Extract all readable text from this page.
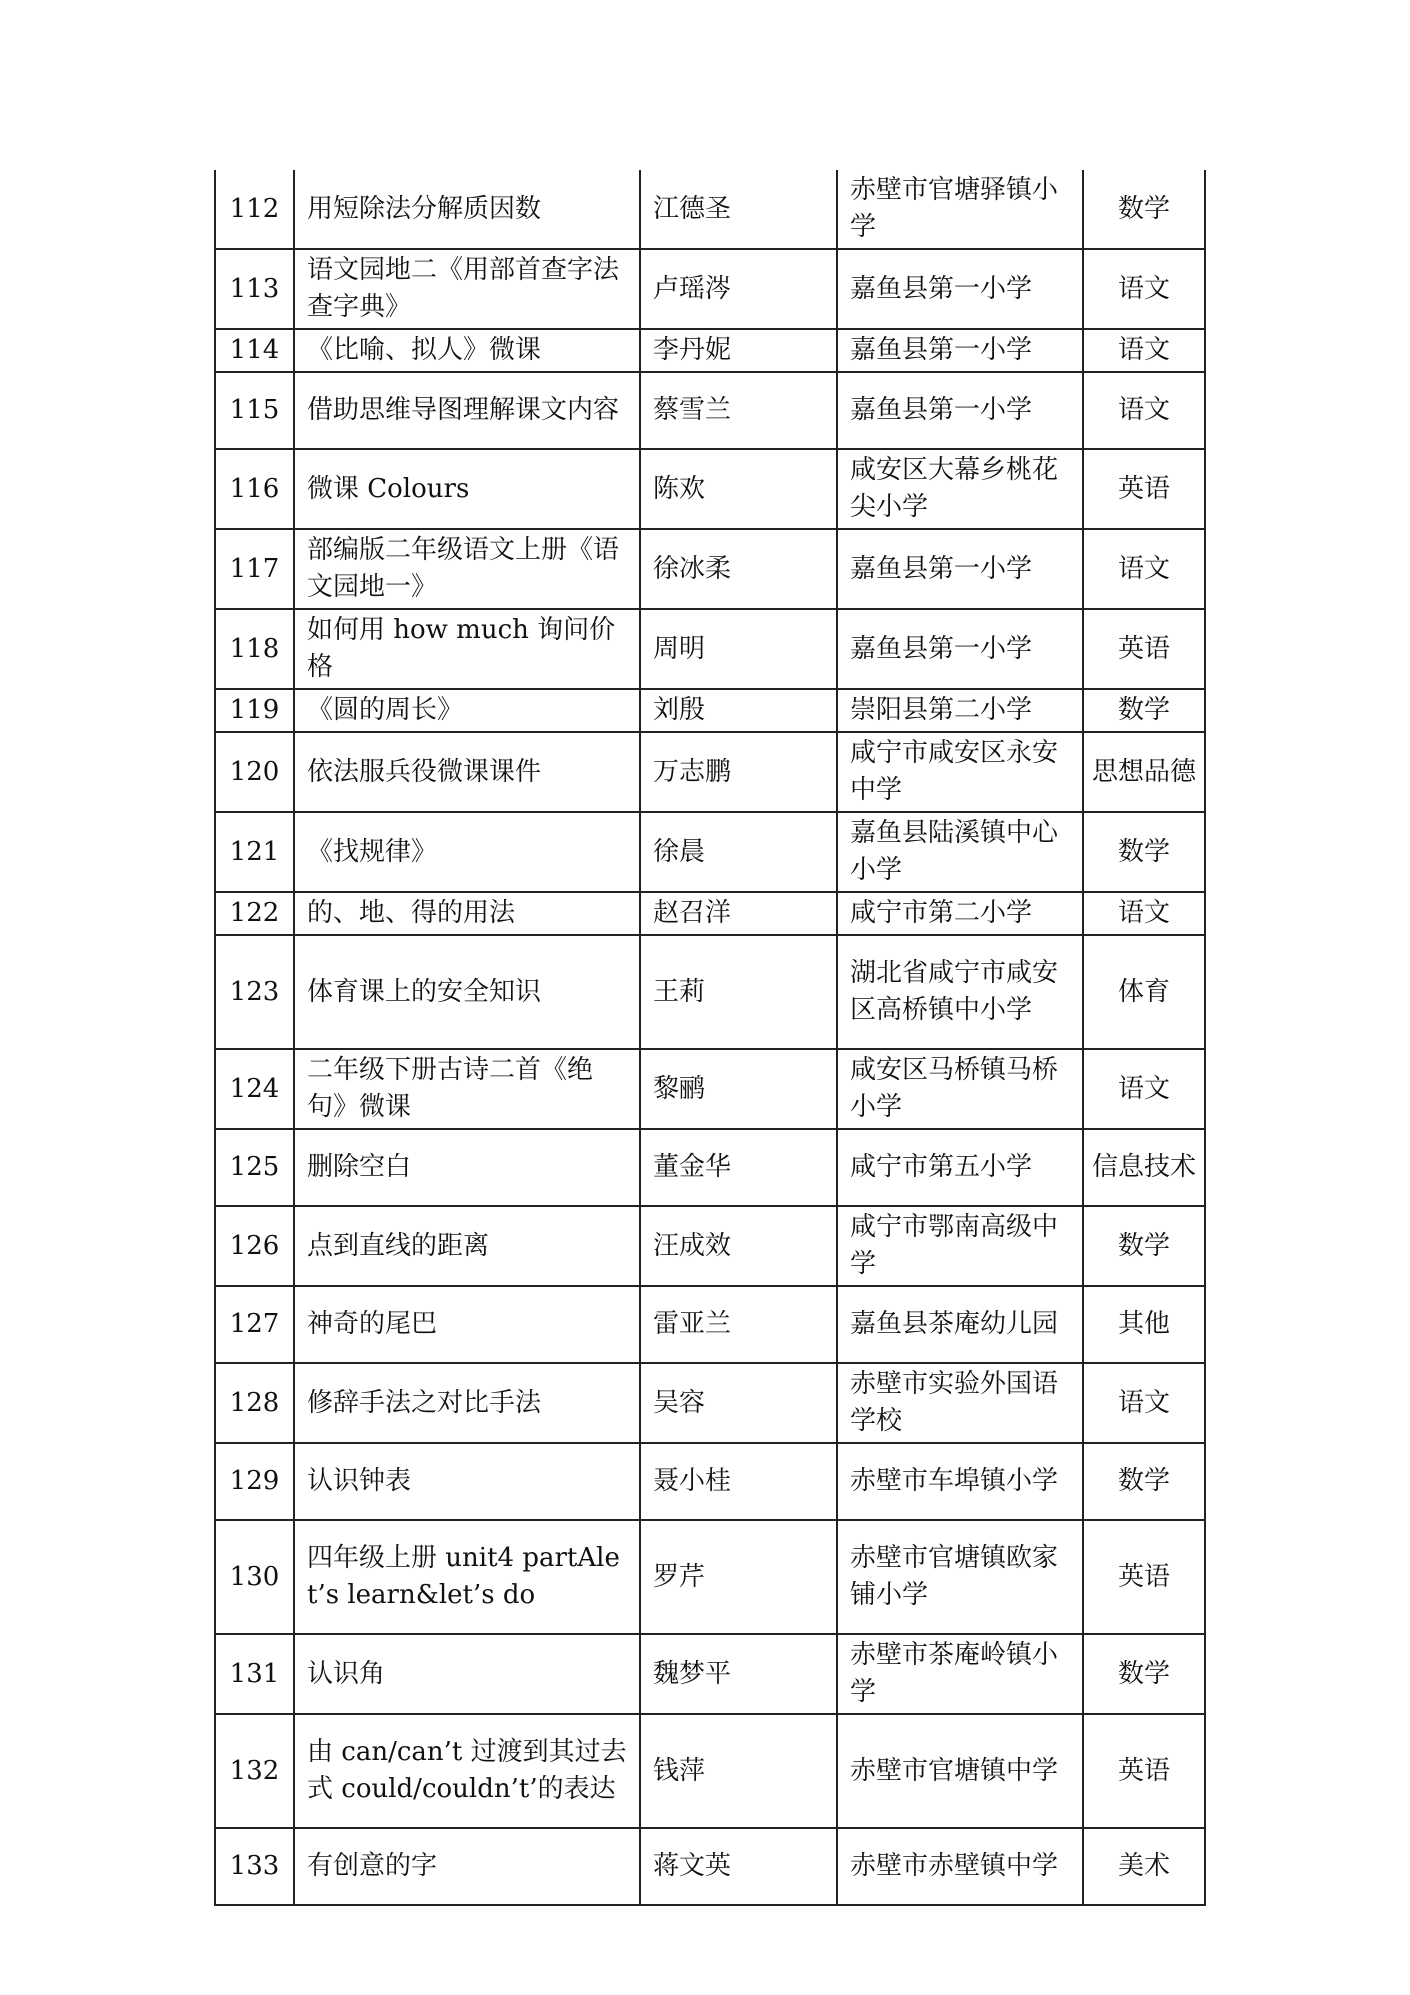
112	用短除法分解质因数	江德圣	赤壁市官塘驿镇小学	数学
113	语文园地二《用部首查字法查字典》	卢瑶涔	嘉鱼县第一小学	语文
114	《比喻、拟人》微课	李丹妮	嘉鱼县第一小学	语文
115	借助思维导图理解课文内容	蔡雪兰	嘉鱼县第一小学	语文
116	微课 Colours	陈欢	咸安区大幕乡桃花尖小学	英语
117	部编版二年级语文上册《语文园地一》	徐冰柔	嘉鱼县第一小学	语文
118	如何用 how much 询问价格	周明	嘉鱼县第一小学	英语
119	《圆的周长》	刘殷	崇阳县第二小学	数学
120	依法服兵役微课课件	万志鹏	咸宁市咸安区永安中学	思想品德
121	《找规律》	徐晨	嘉鱼县陆溪镇中心小学	数学
122	的、地、得的用法	赵召洋	咸宁市第二小学	语文
123	体育课上的安全知识	王莉	湖北省咸宁市咸安区高桥镇中小学	体育
124	二年级下册古诗二首《绝句》微课	黎鹂	咸安区马桥镇马桥小学	语文
125	删除空白	董金华	咸宁市第五小学	信息技术
126	点到直线的距离	汪成效	咸宁市鄂南高级中学	数学
127	神奇的尾巴	雷亚兰	嘉鱼县茶庵幼儿园	其他
128	修辞手法之对比手法	吴容	赤壁市实验外国语学校	语文
129	认识钟表	聂小桂	赤壁市车埠镇小学	数学
130	四年级上册 unit4 partAlet’s learn&let’s do	罗芹	赤壁市官塘镇欧家铺小学	英语
131	认识角	魏梦平	赤壁市茶庵岭镇小学	数学
132	由 can/can’t 过渡到其过去式 could/couldn’t’的表达	钱萍	赤壁市官塘镇中学	英语
133	有创意的字	蒋文英	赤壁市赤壁镇中学	美术
